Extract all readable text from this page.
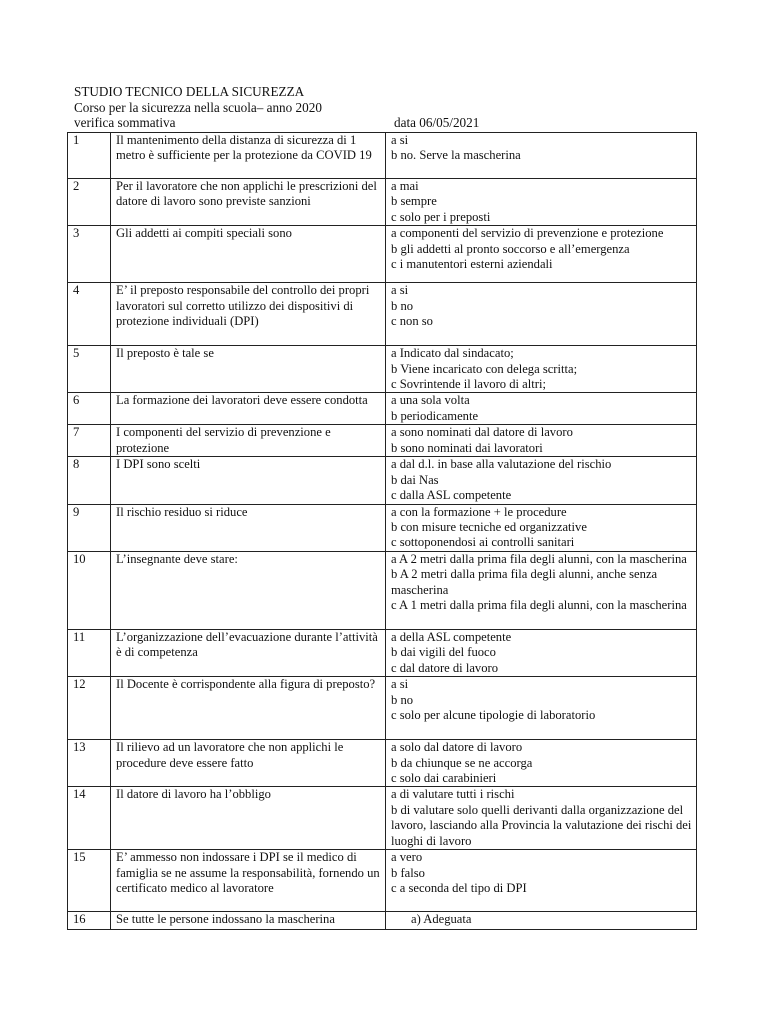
STUDIO TECNICO DELLA SICUREZZA
Corso per la sicurezza nella scuola– anno 2020
verifica sommativa	data 06/05/2021
1	Il mantenimento della distanza di sicurezza di 1 metro è sufficiente per la protezione da COVID 19	a si
b no. Serve la mascherina

2	Per il lavoratore che non applichi le prescrizioni del datore di lavoro sono previste sanzioni	a mai
b sempre
c solo per i preposti

3	Gli addetti ai compiti speciali sono	a componenti del servizio di prevenzione e protezione
b gli addetti al pronto soccorso e all’emergenza
c i manutentori esterni aziendali

4	E’ il preposto responsabile del controllo dei propri lavoratori sul corretto utilizzo dei dispositivi di protezione individuali (DPI)	a si
b no
c non so

5	Il preposto è tale se	a Indicato dal sindacato;
b Viene incaricato con delega scritta;
c Sovrintende il lavoro di altri;

6	La formazione dei lavoratori deve essere condotta	a una sola volta
b periodicamente

7	I componenti del servizio di prevenzione e protezione	a sono nominati dal datore di lavoro
b sono nominati dai lavoratori

8	I DPI sono scelti	a dal d.l. in base alla valutazione del rischio
b dai Nas
c dalla ASL competente

9	Il rischio residuo si riduce	a con la formazione + le procedure
b con misure tecniche ed organizzative
c sottoponendosi ai controlli sanitari

10	L’insegnante deve stare:	a A 2 metri dalla prima fila degli alunni, con la mascherina
b A 2 metri dalla prima fila degli alunni, anche senza mascherina
c A 1 metri dalla prima fila degli alunni, con la mascherina

11	L’organizzazione dell’evacuazione durante l’attività è di competenza	a della ASL competente
b dai vigili del fuoco
c dal datore di lavoro

12	Il Docente è corrispondente alla figura di preposto?	a si
b no
c solo per alcune tipologie di laboratorio

13	Il rilievo ad un lavoratore che non applichi le procedure deve essere fatto	a solo dal datore di lavoro
b da chiunque se ne accorga
c solo dai carabinieri

14	Il datore di lavoro ha l’obbligo	a di valutare tutti i rischi
b di valutare solo quelli derivanti dalla organizzazione del lavoro, lasciando alla Provincia la valutazione dei rischi dei luoghi di lavoro

15	E’ ammesso non indossare i DPI se il medico di famiglia se ne assume la responsabilità, fornendo un certificato medico al lavoratore	a vero
b falso
c a seconda del tipo di DPI

16	Se tutte le persone indossano la mascherina	a) Adeguata
